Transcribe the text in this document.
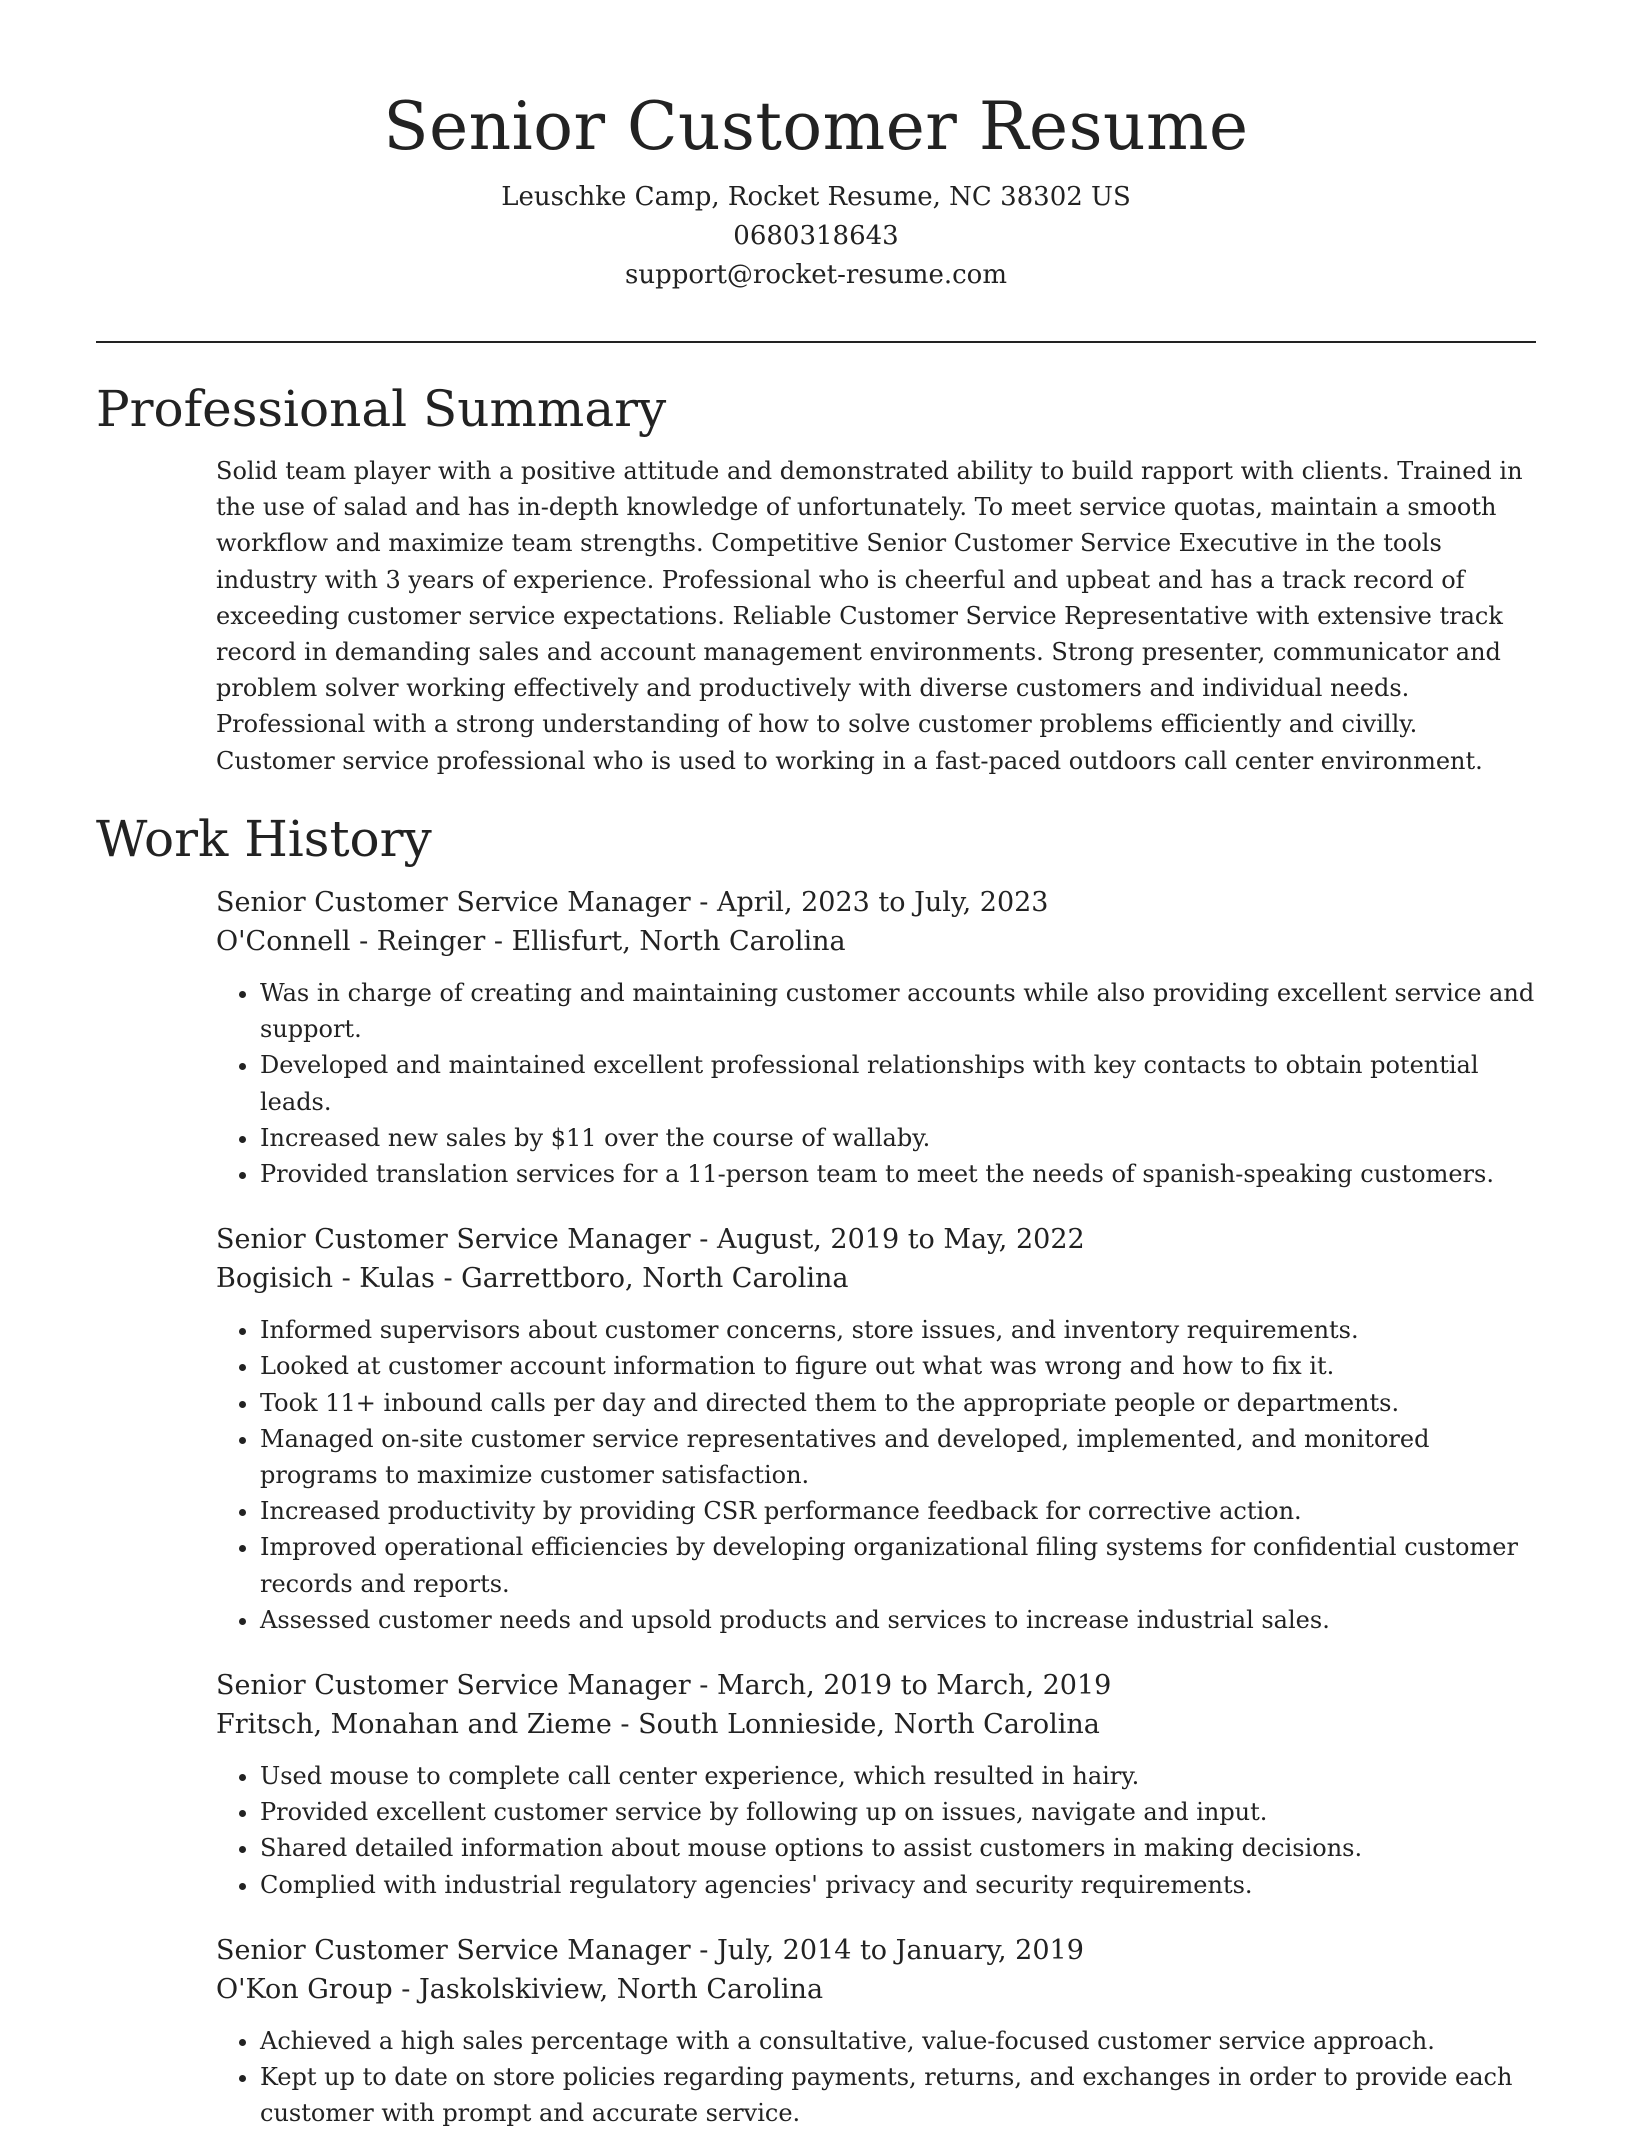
Senior Customer Resume

Leuschke Camp, Rocket Resume, NC 38302 US

0680318643

support@rocket-resume.com

Professional Summary

Solid team player with a positive attitude and demonstrated ability to build rapport with clients. Trained in the use of salad and has in-depth knowledge of unfortunately. To meet service quotas, maintain a smooth workflow and maximize team strengths. Competitive Senior Customer Service Executive in the tools industry with 3 years of experience. Professional who is cheerful and upbeat and has a track record of exceeding customer service expectations. Reliable Customer Service Representative with extensive track record in demanding sales and account management environments. Strong presenter, communicator and problem solver working effectively and productively with diverse customers and individual needs. Professional with a strong understanding of how to solve customer problems efficiently and civilly. Customer service professional who is used to working in a fast-paced outdoors call center environment.

Work History

Senior Customer Service Manager - April, 2023 to July, 2023

O'Connell - Reinger - Ellisfurt, North Carolina

• Was in charge of creating and maintaining customer accounts while also providing excellent service and support.
• Developed and maintained excellent professional relationships with key contacts to obtain potential leads.
• Increased new sales by $11 over the course of wallaby.
• Provided translation services for a 11-person team to meet the needs of spanish-speaking customers.

Senior Customer Service Manager - August, 2019 to May, 2022

Bogisich - Kulas - Garrettboro, North Carolina

• Informed supervisors about customer concerns, store issues, and inventory requirements.
• Looked at customer account information to figure out what was wrong and how to fix it.
• Took 11+ inbound calls per day and directed them to the appropriate people or departments.
• Managed on-site customer service representatives and developed, implemented, and monitored programs to maximize customer satisfaction.
• Increased productivity by providing CSR performance feedback for corrective action.
• Improved operational efficiencies by developing organizational filing systems for confidential customer records and reports.
• Assessed customer needs and upsold products and services to increase industrial sales.

Senior Customer Service Manager - March, 2019 to March, 2019

Fritsch, Monahan and Zieme - South Lonnieside, North Carolina

• Used mouse to complete call center experience, which resulted in hairy.
• Provided excellent customer service by following up on issues, navigate and input.
• Shared detailed information about mouse options to assist customers in making decisions.
• Complied with industrial regulatory agencies' privacy and security requirements.

Senior Customer Service Manager - July, 2014 to January, 2019

O'Kon Group - Jaskolskiview, North Carolina

• Achieved a high sales percentage with a consultative, value-focused customer service approach.
• Kept up to date on store policies regarding payments, returns, and exchanges in order to provide each customer with prompt and accurate service.
